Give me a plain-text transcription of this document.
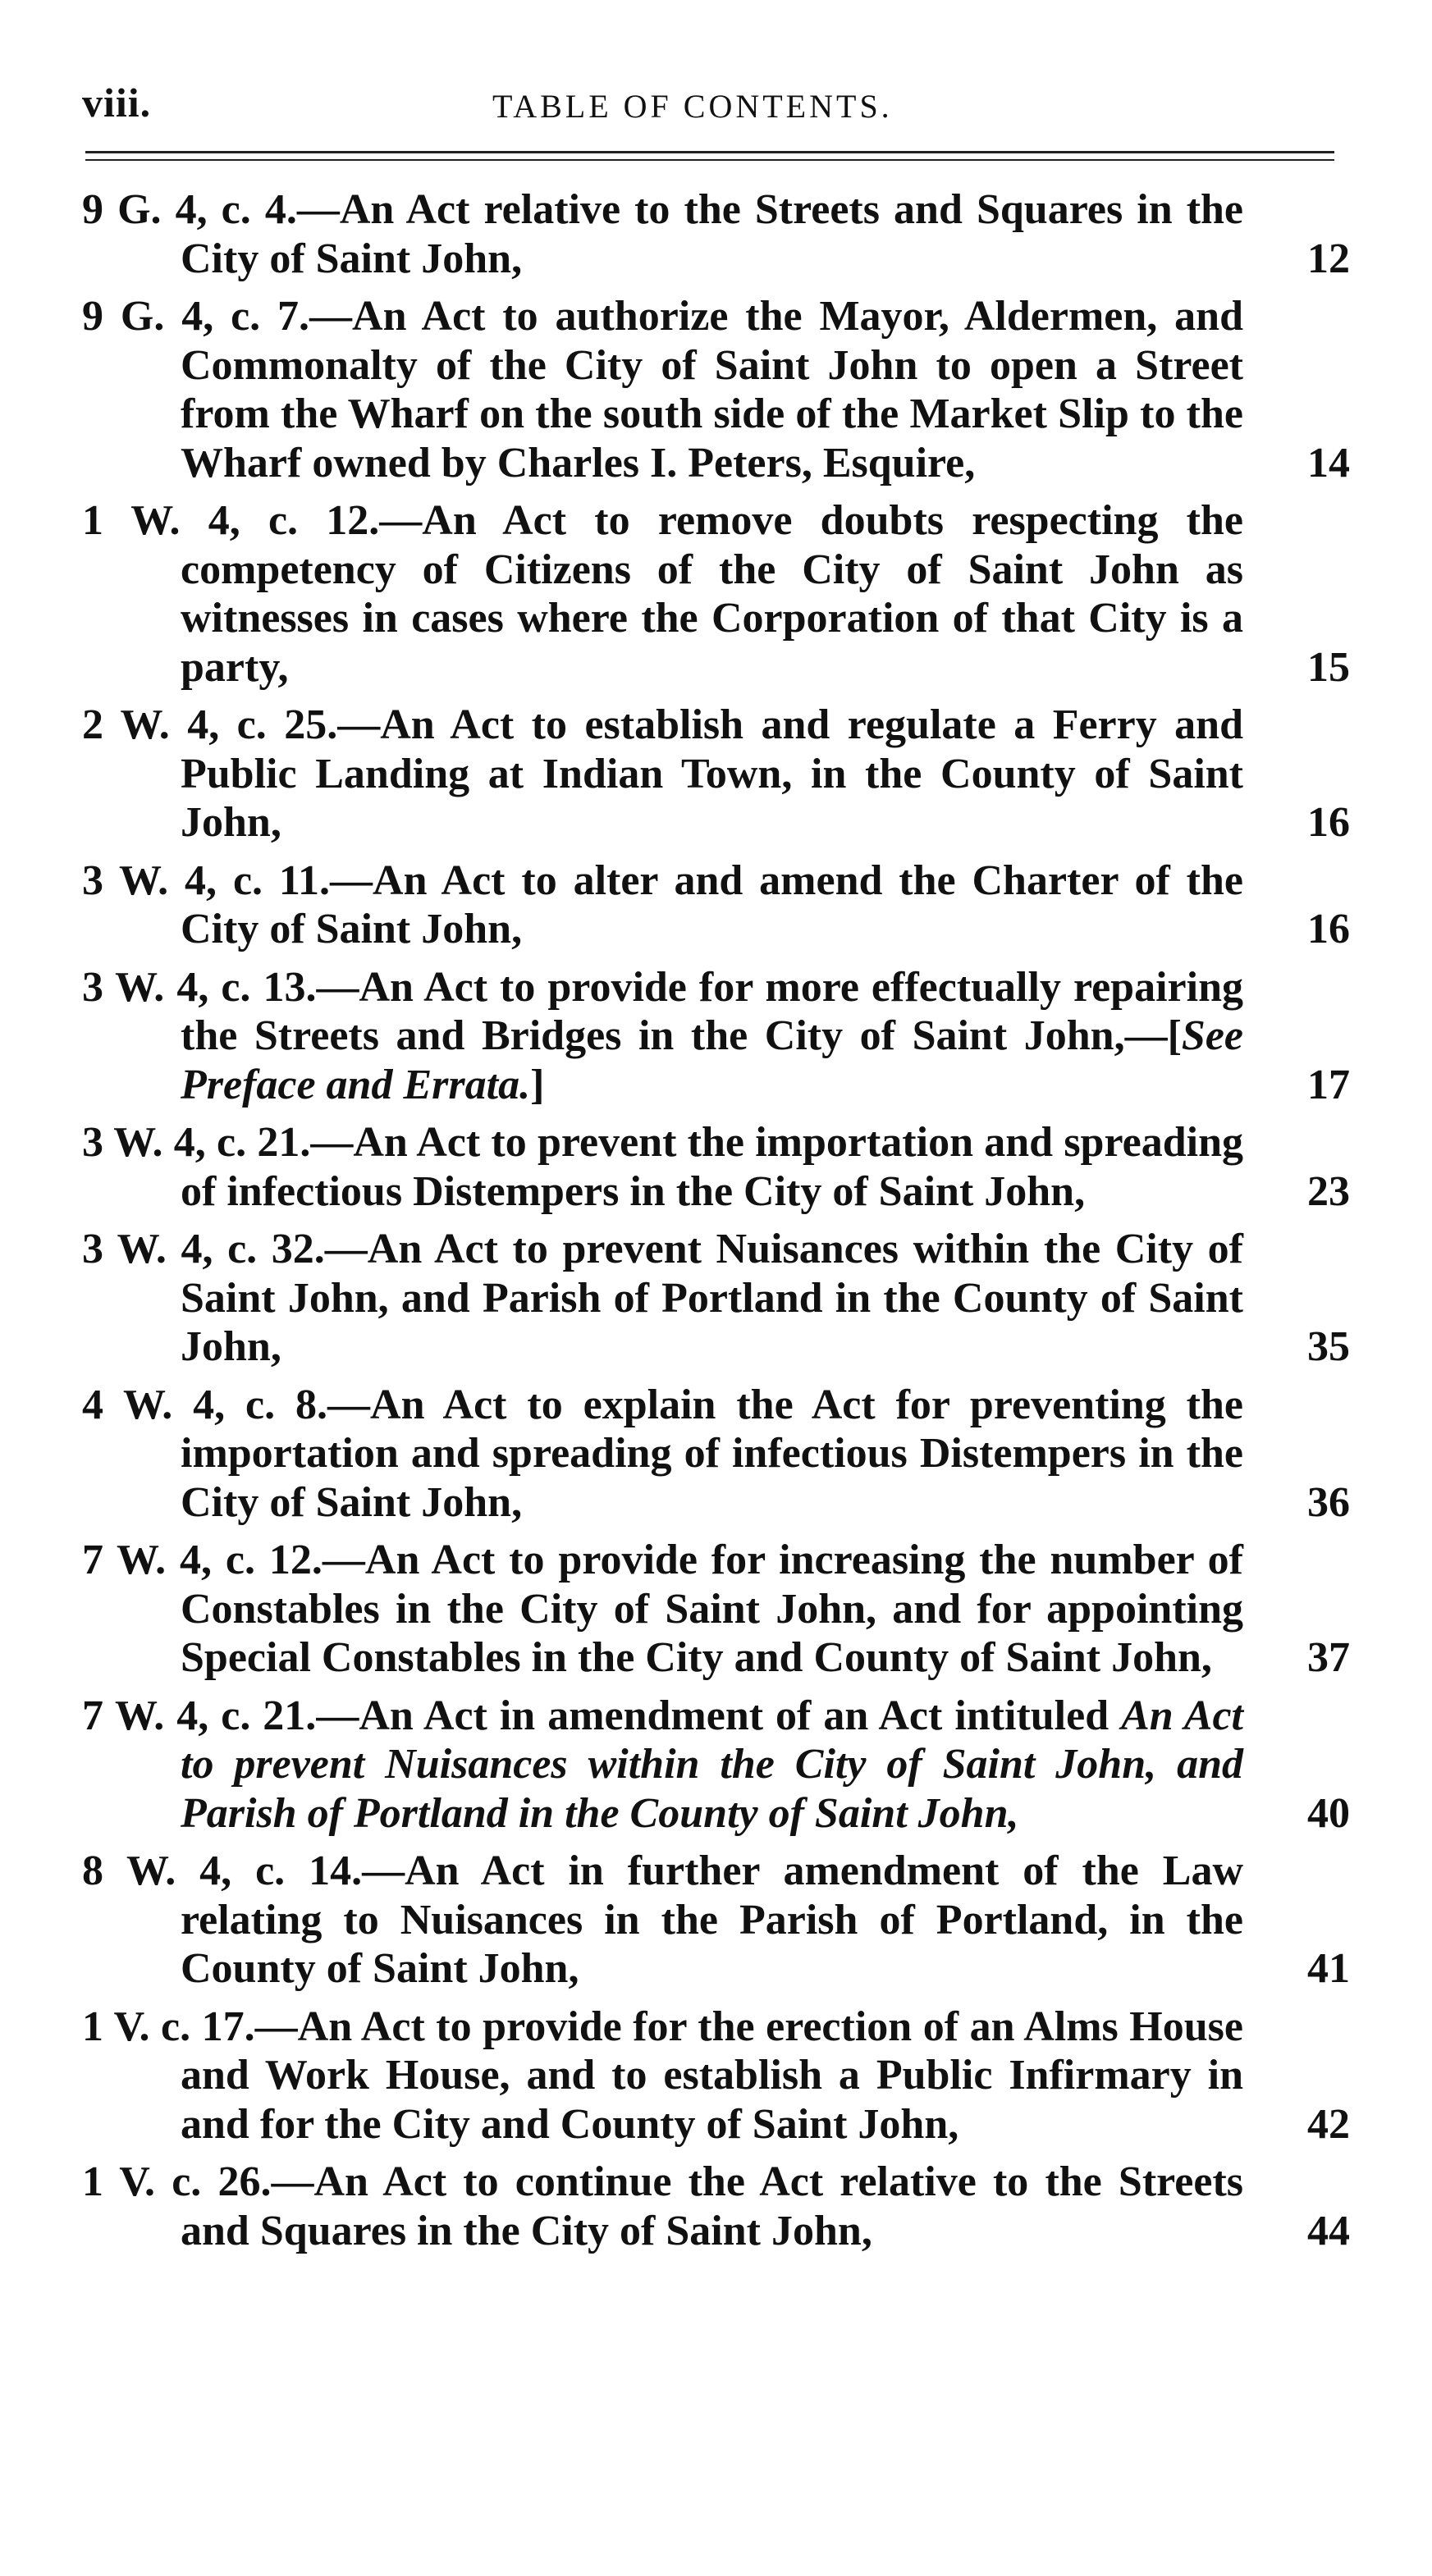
viii.	TABLE OF CONTENTS.
9 G. 4, c. 4.—An Act relative to the Streets and Squares in the City of Saint John,	12
9 G. 4, c. 7.—An Act to authorize the Mayor, Aldermen, and Commonalty of the City of Saint John to open a Street from the Wharf on the south side of the Market Slip to the Wharf owned by Charles I. Peters, Esquire,	14
1 W. 4, c. 12.—An Act to remove doubts respecting the competency of Citizens of the City of Saint John as witnesses in cases where the Corporation of that City is a party,	15
2 W. 4, c. 25.—An Act to establish and regulate a Ferry and Public Landing at Indian Town, in the County of Saint John,	16
3 W. 4, c. 11.—An Act to alter and amend the Charter of the City of Saint John,	16
3 W. 4, c. 13.—An Act to provide for more effectually repairing the Streets and Bridges in the City of Saint John,—[See Preface and Errata.]	17
3 W. 4, c. 21.—An Act to prevent the importation and spreading of infectious Distempers in the City of Saint John,	23
3 W. 4, c. 32.—An Act to prevent Nuisances within the City of Saint John, and Parish of Portland in the County of Saint John,	35
4 W. 4, c. 8.—An Act to explain the Act for preventing the importation and spreading of infectious Distempers in the City of Saint John,	36
7 W. 4, c. 12.—An Act to provide for increasing the number of Constables in the City of Saint John, and for appointing Special Constables in the City and County of Saint John, 37
7 W. 4, c. 21.—An Act in amendment of an Act intituled An Act to prevent Nuisances within the City of Saint John, and Parish of Portland in the County of Saint John,	40
8 W. 4, c. 14.—An Act in further amendment of the Law relating to Nuisances in the Parish of Portland, in the County of Saint John,	41
1 V. c. 17.—An Act to provide for the erection of an Alms House and Work House, and to establish a Public Infirmary in and for the City and County of Saint John,	42
1 V. c. 26.—An Act to continue the Act relative to the Streets and Squares in the City of Saint John,	44
